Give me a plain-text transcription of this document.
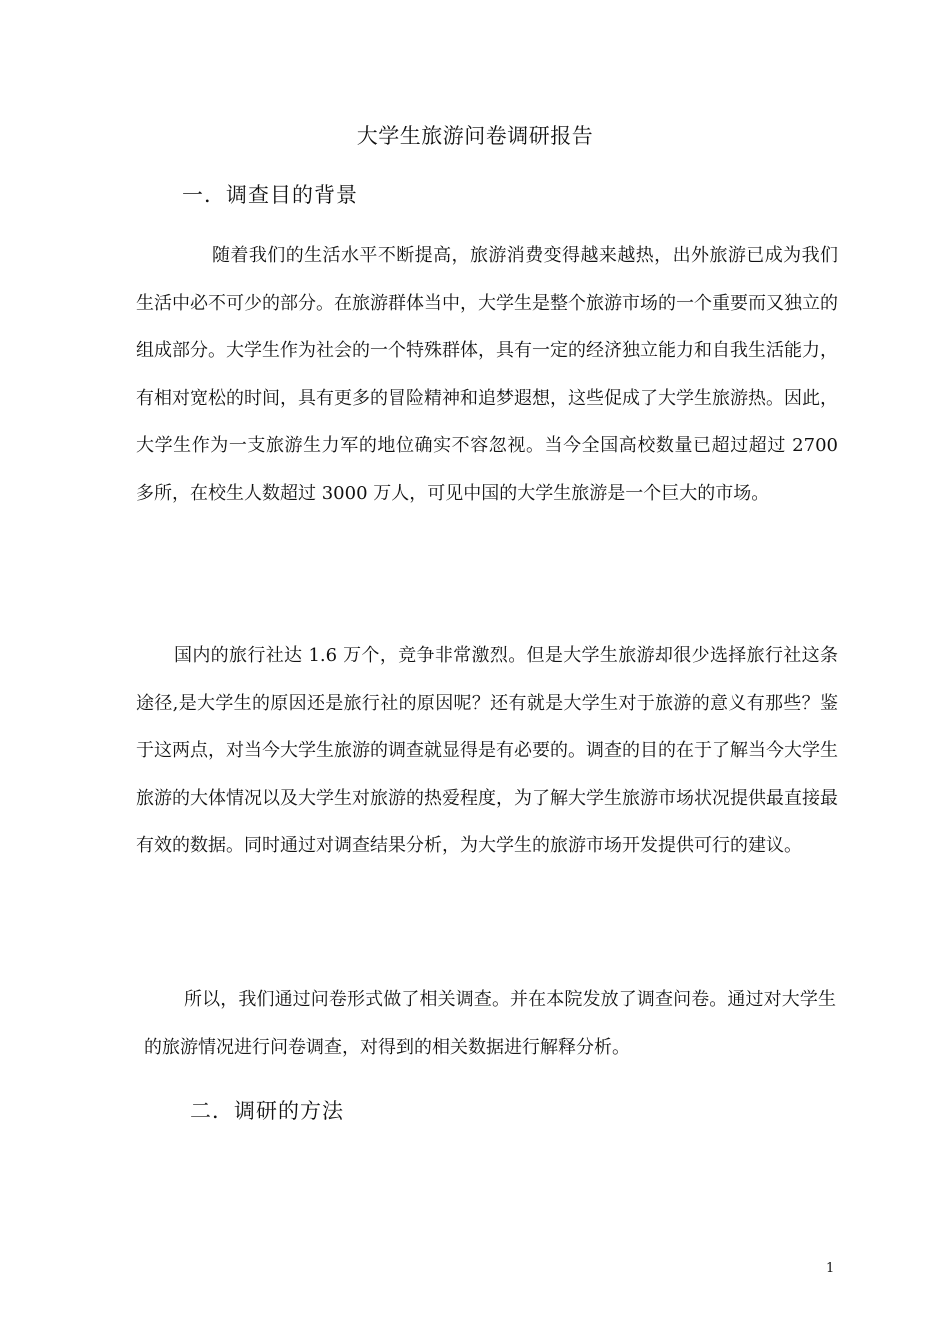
大学生旅游问卷调研报告
一．调查目的背景
随着我们的生活水平不断提高，旅游消费变得越来越热，出外旅游已成为我们生活中必不可少的部分。在旅游群体当中，大学生是整个旅游市场的一个重要而又独立的组成部分。大学生作为社会的一个特殊群体，具有一定的经济独立能力和自我生活能力，有相对宽松的时间，具有更多的冒险精神和追梦遐想，这些促成了大学生旅游热。因此，大学生作为一支旅游生力军的地位确实不容忽视。当今全国高校数量已超过超过 2700 多所，在校生人数超过 3000 万人，可见中国的大学生旅游是一个巨大的市场。
国内的旅行社达 1.6 万个，竞争非常激烈。但是大学生旅游却很少选择旅行社这条途径,是大学生的原因还是旅行社的原因呢？还有就是大学生对于旅游的意义有那些？鉴于这两点，对当今大学生旅游的调查就显得是有必要的。调查的目的在于了解当今大学生旅游的大体情况以及大学生对旅游的热爱程度，为了解大学生旅游市场状况提供最直接最有效的数据。同时通过对调查结果分析，为大学生的旅游市场开发提供可行的建议。
所以，我们通过问卷形式做了相关调查。并在本院发放了调查问卷。通过对大学生的旅游情况进行问卷调查，对得到的相关数据进行解释分析。
二．调研的方法
1
